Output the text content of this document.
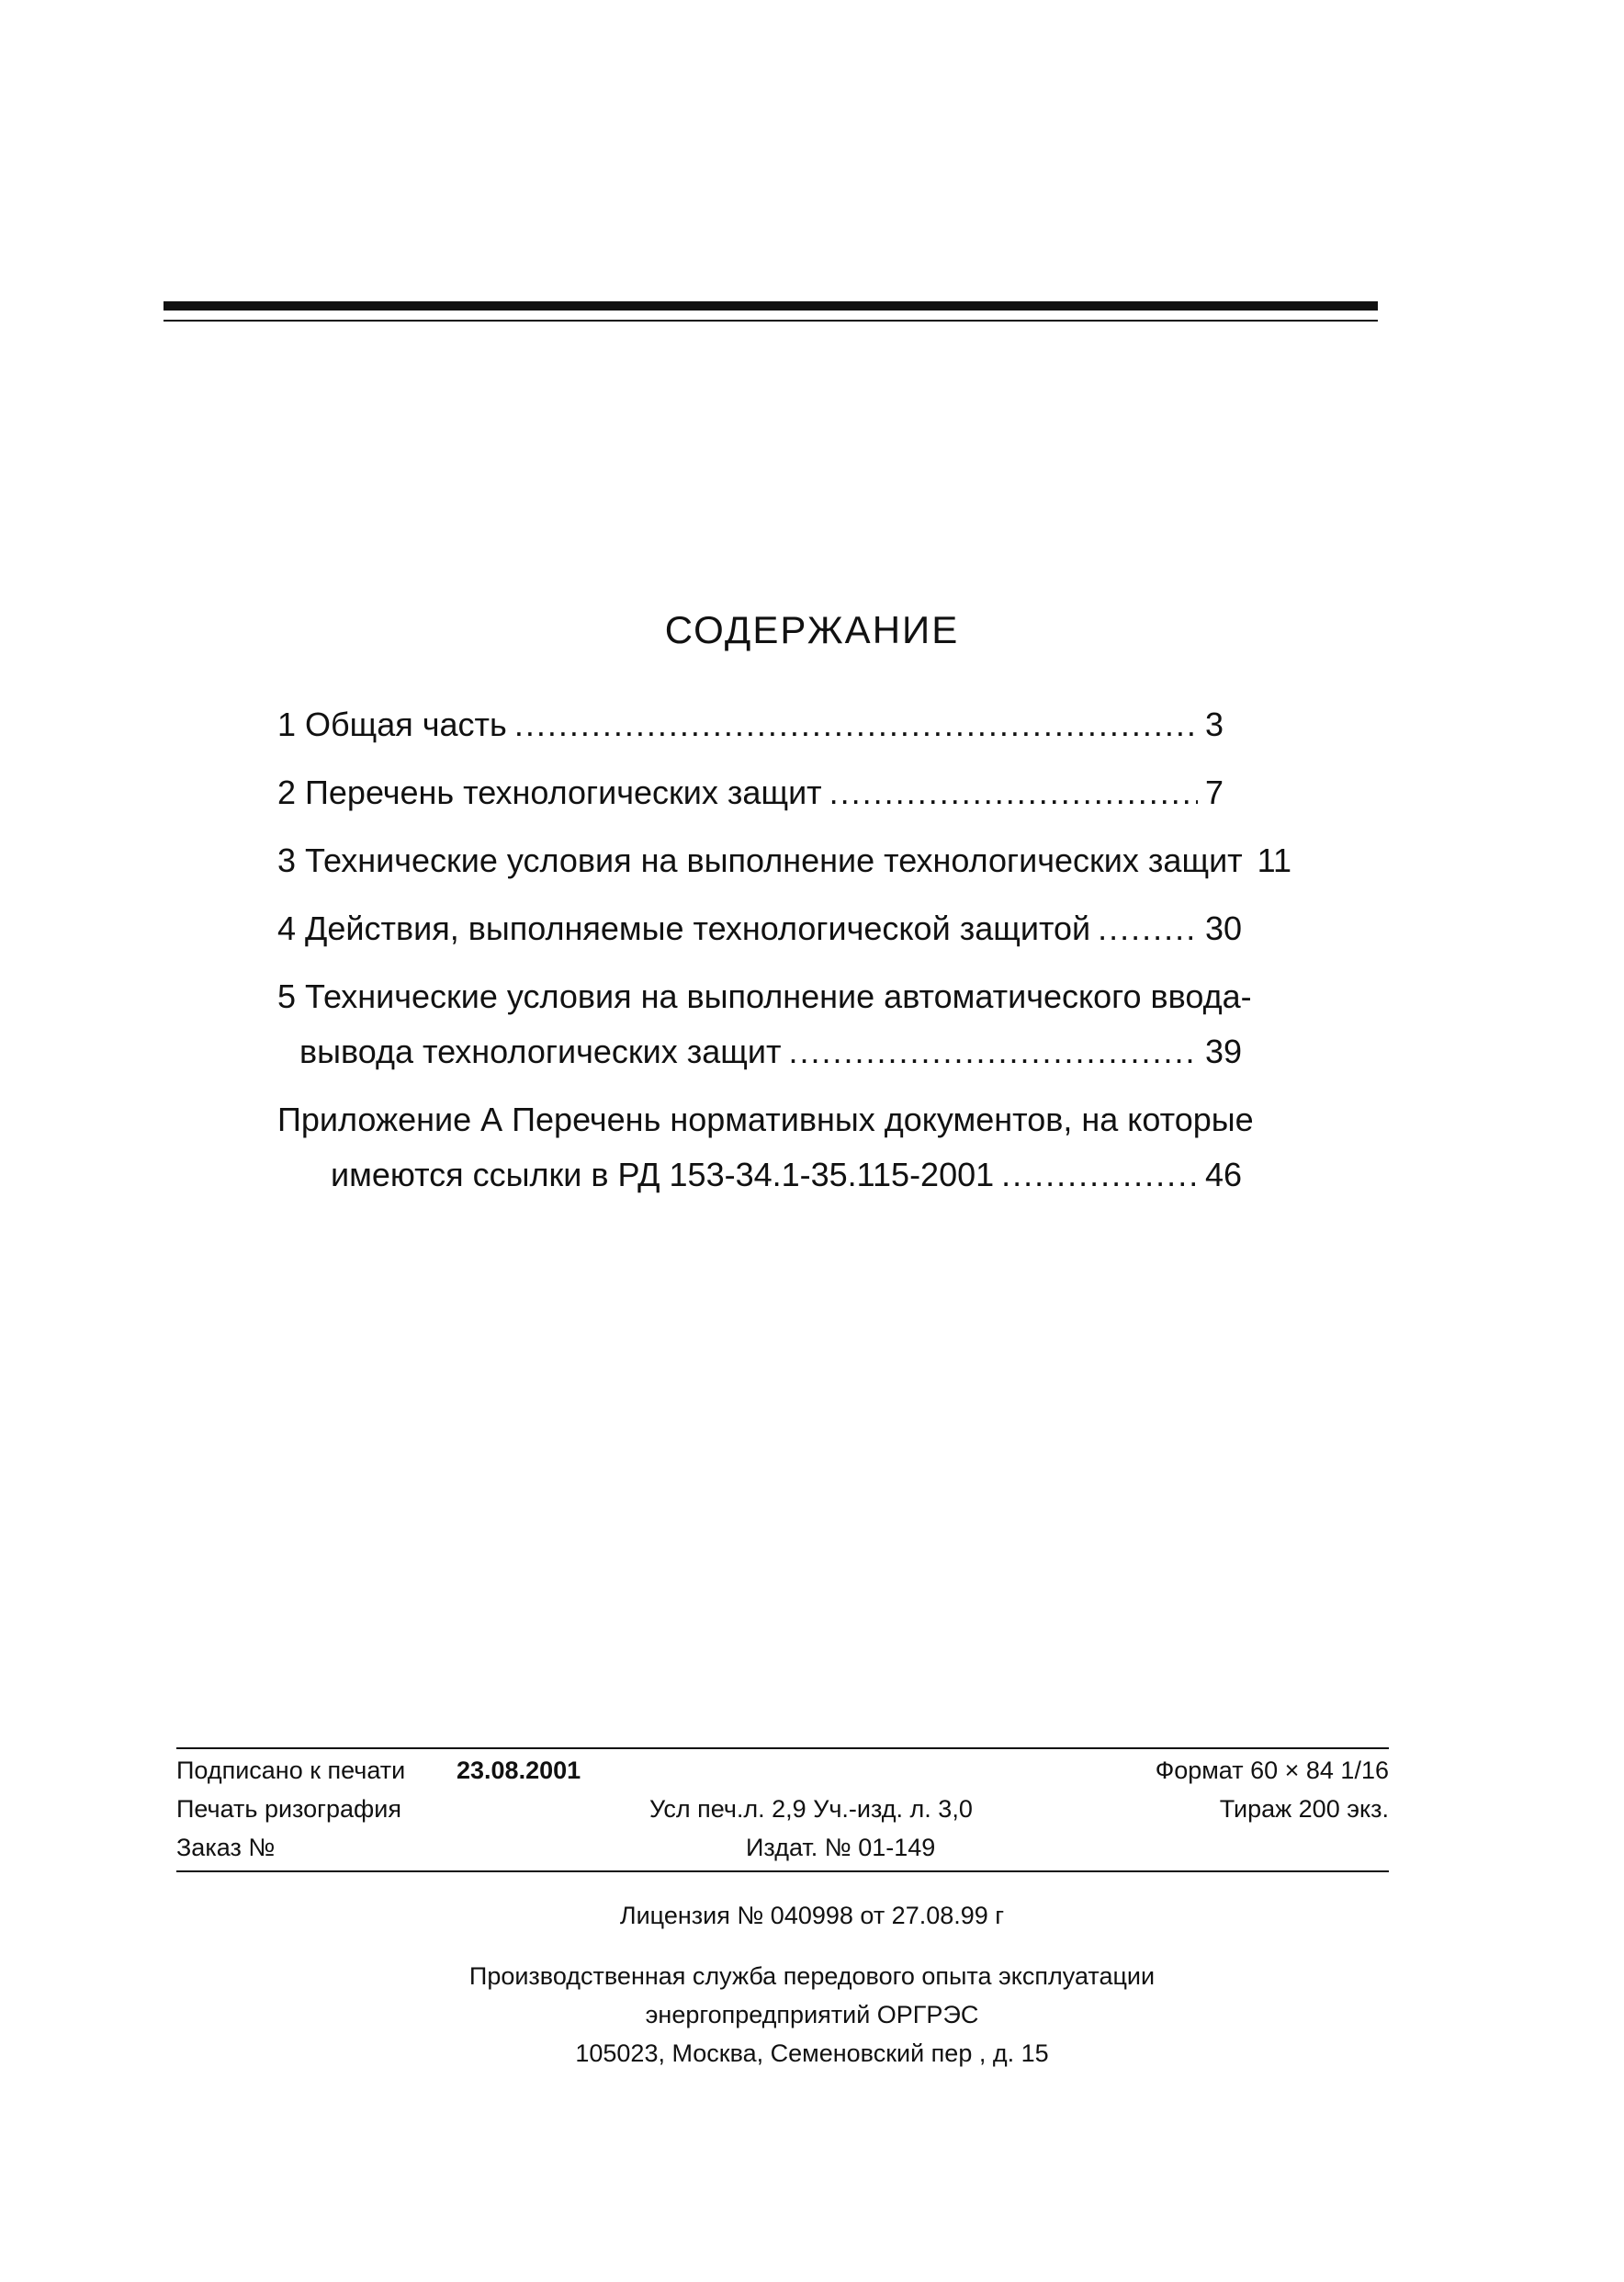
СОДЕРЖАНИЕ
1 Общая часть .....	3
2 Перечень технологических защит .....	7
3 Технические условия на выполнение технологических защит 11
4 Действия, выполняемые технологической защитой .....	30
5 Технические условия на выполнение автоматического ввода-
вывода технологических защит .....	39
Приложение А Перечень нормативных документов, на которые
имеются ссылки в РД 153-34.1-35.115-2001 .....	46
Подписано к печати 23.08.2001	Формат 60 × 84 1/16
Печать ризография	Усл печ.л. 2,9 Уч.-изд. л. 3,0	Тираж 200 экз.
Заказ №	Издат. № 01-149
Лицензия № 040998 от 27.08.99 г
Производственная служба передового опыта эксплуатации
энергопредприятий ОРГРЭС
105023, Москва, Семеновский пер , д. 15
